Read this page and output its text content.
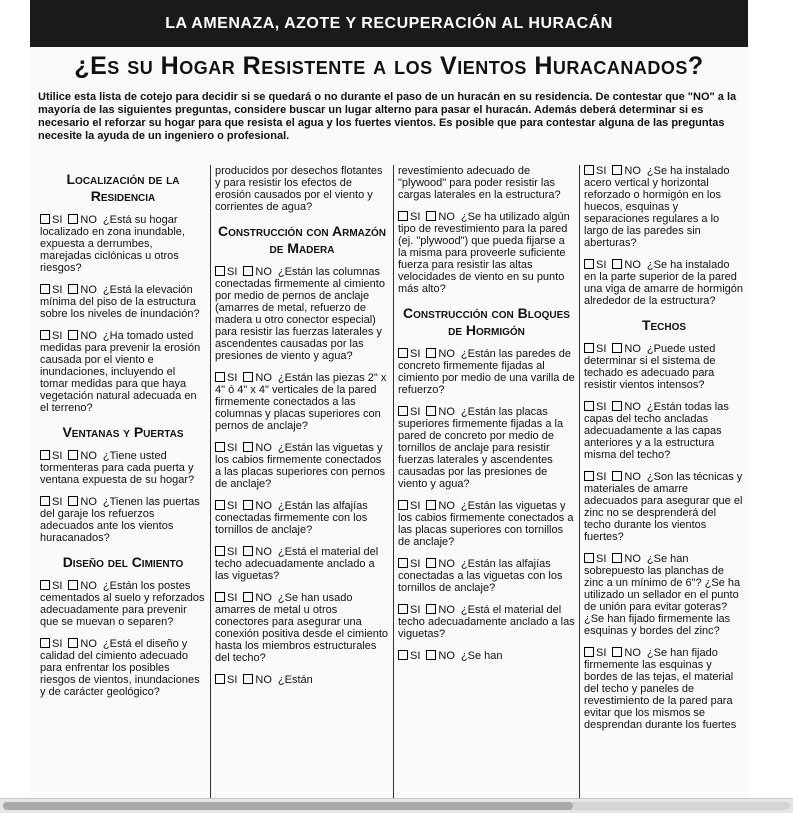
LA AMENAZA, AZOTE Y RECUPERACIÓN AL HURACÁN
¿Es su Hogar Resistente a los Vientos Huracanados?
Utilice esta lista de cotejo para decidir si se quedará o no durante el paso de un huracán en su residencia. De contestar que "NO" a la mayoría de las siguientes preguntas, considere buscar un lugar alterno para pasar el huracán. Además deberá determinar si es necesario el reforzar su hogar para que resista el agua y los fuertes vientos. Es posible que para contestar alguna de las preguntas necesite la ayuda de un ingeniero o profesional.
Localización de la Residencia
SI NO ¿Está su hogar localizado en zona inundable, expuesta a derrumbes, marejadas ciclónicas u otros riesgos?
SI NO ¿Está la elevación mínima del piso de la estructura sobre los niveles de inundación?
SI NO ¿Ha tomado usted medidas para prevenir la erosión causada por el viento e inundaciones, incluyendo el tomar medidas para que haya vegetación natural adecuada en el terreno?
Ventanas y Puertas
SI NO ¿Tiene usted tormenteras para cada puerta y ventana expuesta de su hogar?
SI NO ¿Tienen las puertas del garaje los refuerzos adecuados ante los vientos huracanados?
Diseño del Cimiento
SI NO ¿Están los postes cementados al suelo y reforzados adecuadamente para prevenir que se muevan o separen?
SI NO ¿Está el diseño y calidad del cimiento adecuado para enfrentar los posibles riesgos de vientos, inundaciones y de carácter geológico?
producidos por desechos flotantes y para resistir los efectos de erosión causados por el viento y corrientes de agua?
Construcción con Armazón de Madera
SI NO ¿Están las columnas conectadas firmemente al cimiento por medio de pernos de anclaje (amarres de metal, refuerzo de madera u otro conector especial) para resistir las fuerzas laterales y ascendentes causadas por las presiones de viento y agua?
SI NO ¿Están las piezas 2" x 4" ó 4" x 4" verticales de la pared firmemente conectados a las columnas y placas superiores con pernos de anclaje?
SI NO ¿Están las viguetas y los cabios firmemente conectados a las placas superiores con pernos de anclaje?
SI NO ¿Están las alfajías conectadas firmemente con los tornillos de anclaje?
SI NO ¿Está el material del techo adecuadamente anclado a las viguetas?
SI NO ¿Se han usado amarres de metal u otros conectores para asegurar una conexión positiva desde el cimiento hasta los miembros estructurales del techo?
SI NO ¿Están
revestimiento adecuado de "plywood" para poder resistir las cargas laterales en la estructura?
SI NO ¿Se ha utilizado algún tipo de revestimiento para la pared (ej. "plywood") que pueda fijarse a la misma para proveerle suficiente fuerza para resistir las altas velocidades de viento en su punto más alto?
Construcción con Bloques de Hormigón
SI NO ¿Están las paredes de concreto firmemente fijadas al cimiento por medio de una varilla de refuerzo?
SI NO ¿Están las placas superiores firmemente fijadas a la pared de concreto por medio de tornillos de anclaje para resistir fuerzas laterales y ascendentes causadas por las presiones de viento y agua?
SI NO ¿Están las viguetas y los cabios firmemente conectados a las placas superiores con tornillos de anclaje?
SI NO ¿Están las alfajías conectadas a las viguetas con los tornillos de anclaje?
SI NO ¿Está el material del techo adecuadamente anclado a las viguetas?
SI NO ¿Se han
SI NO ¿Se ha instalado acero vertical y horizontal reforzado o hormigón en los huecos, esquinas y separaciones regulares a lo largo de las paredes sin aberturas?
SI NO ¿Se ha instalado en la parte superior de la pared una viga de amarre de hormigón alrededor de la estructura?
Techos
SI NO ¿Puede usted determinar si el sistema de techado es adecuado para resistir vientos intensos?
SI NO ¿Están todas las capas del techo ancladas adecuadamente a las capas anteriores y a la estructura misma del techo?
SI NO ¿Son las técnicas y materiales de amarre adecuados para asegurar que el zinc no se desprenderá del techo durante los vientos fuertes?
SI NO ¿Se han sobrepuesto las planchas de zinc a un mínimo de 6"? ¿Se ha utilizado un sellador en el punto de unión para evitar goteras? ¿Se han fijado firmemente las esquinas y bordes del zinc?
SI NO ¿Se han fijado firmemente las esquinas y bordes de las tejas, el material del techo y paneles de revestimiento de la pared para evitar que los mismos se desprendan durante los fuertes
